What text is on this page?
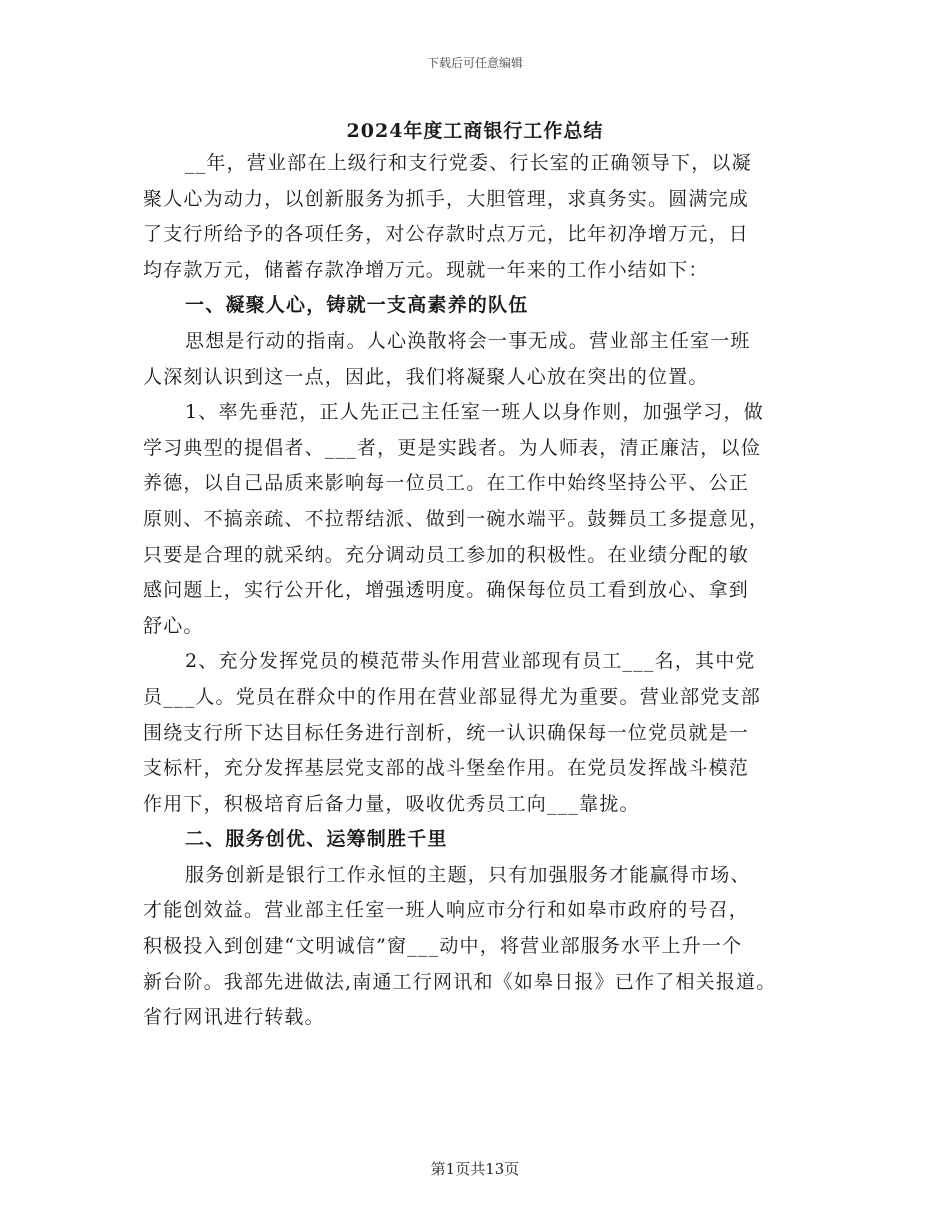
下载后可任意编辑
2024年度工商银行工作总结
__年，营业部在上级行和支行党委、行长室的正确领导下，以凝
聚人心为动力，以创新服务为抓手，大胆管理，求真务实。圆满完成
了支行所给予的各项任务，对公存款时点万元，比年初净增万元，日
均存款万元，储蓄存款净增万元。现就一年来的工作小结如下：
一、凝聚人心，铸就一支高素养的队伍
思想是行动的指南。人心涣散将会一事无成。营业部主任室一班
人深刻认识到这一点，因此，我们将凝聚人心放在突出的位置。
1、率先垂范，正人先正己主任室一班人以身作则，加强学习，做
学习典型的提倡者、___者，更是实践者。为人师表，清正廉洁，以俭
养德，以自己品质来影响每一位员工。在工作中始终坚持公平、公正
原则、不搞亲疏、不拉帮结派、做到一碗水端平。鼓舞员工多提意见，
只要是合理的就采纳。充分调动员工参加的积极性。在业绩分配的敏
感问题上，实行公开化，增强透明度。确保每位员工看到放心、拿到
舒心。
2、充分发挥党员的模范带头作用营业部现有员工___名，其中党
员___人。党员在群众中的作用在营业部显得尤为重要。营业部党支部
围绕支行所下达目标任务进行剖析，统一认识确保每一位党员就是一
支标杆，充分发挥基层党支部的战斗堡垒作用。在党员发挥战斗模范
作用下，积极培育后备力量，吸收优秀员工向___靠拢。
二、服务创优、运筹制胜千里
服务创新是银行工作永恒的主题，只有加强服务才能赢得市场、
才能创效益。营业部主任室一班人响应市分行和如皋市政府的号召，
积极投入到创建“文明诚信”窗___动中，将营业部服务水平上升一个
新台阶。我部先进做法,南通工行网讯和《如皋日报》已作了相关报道。
省行网讯进行转载。
第1页共13页
